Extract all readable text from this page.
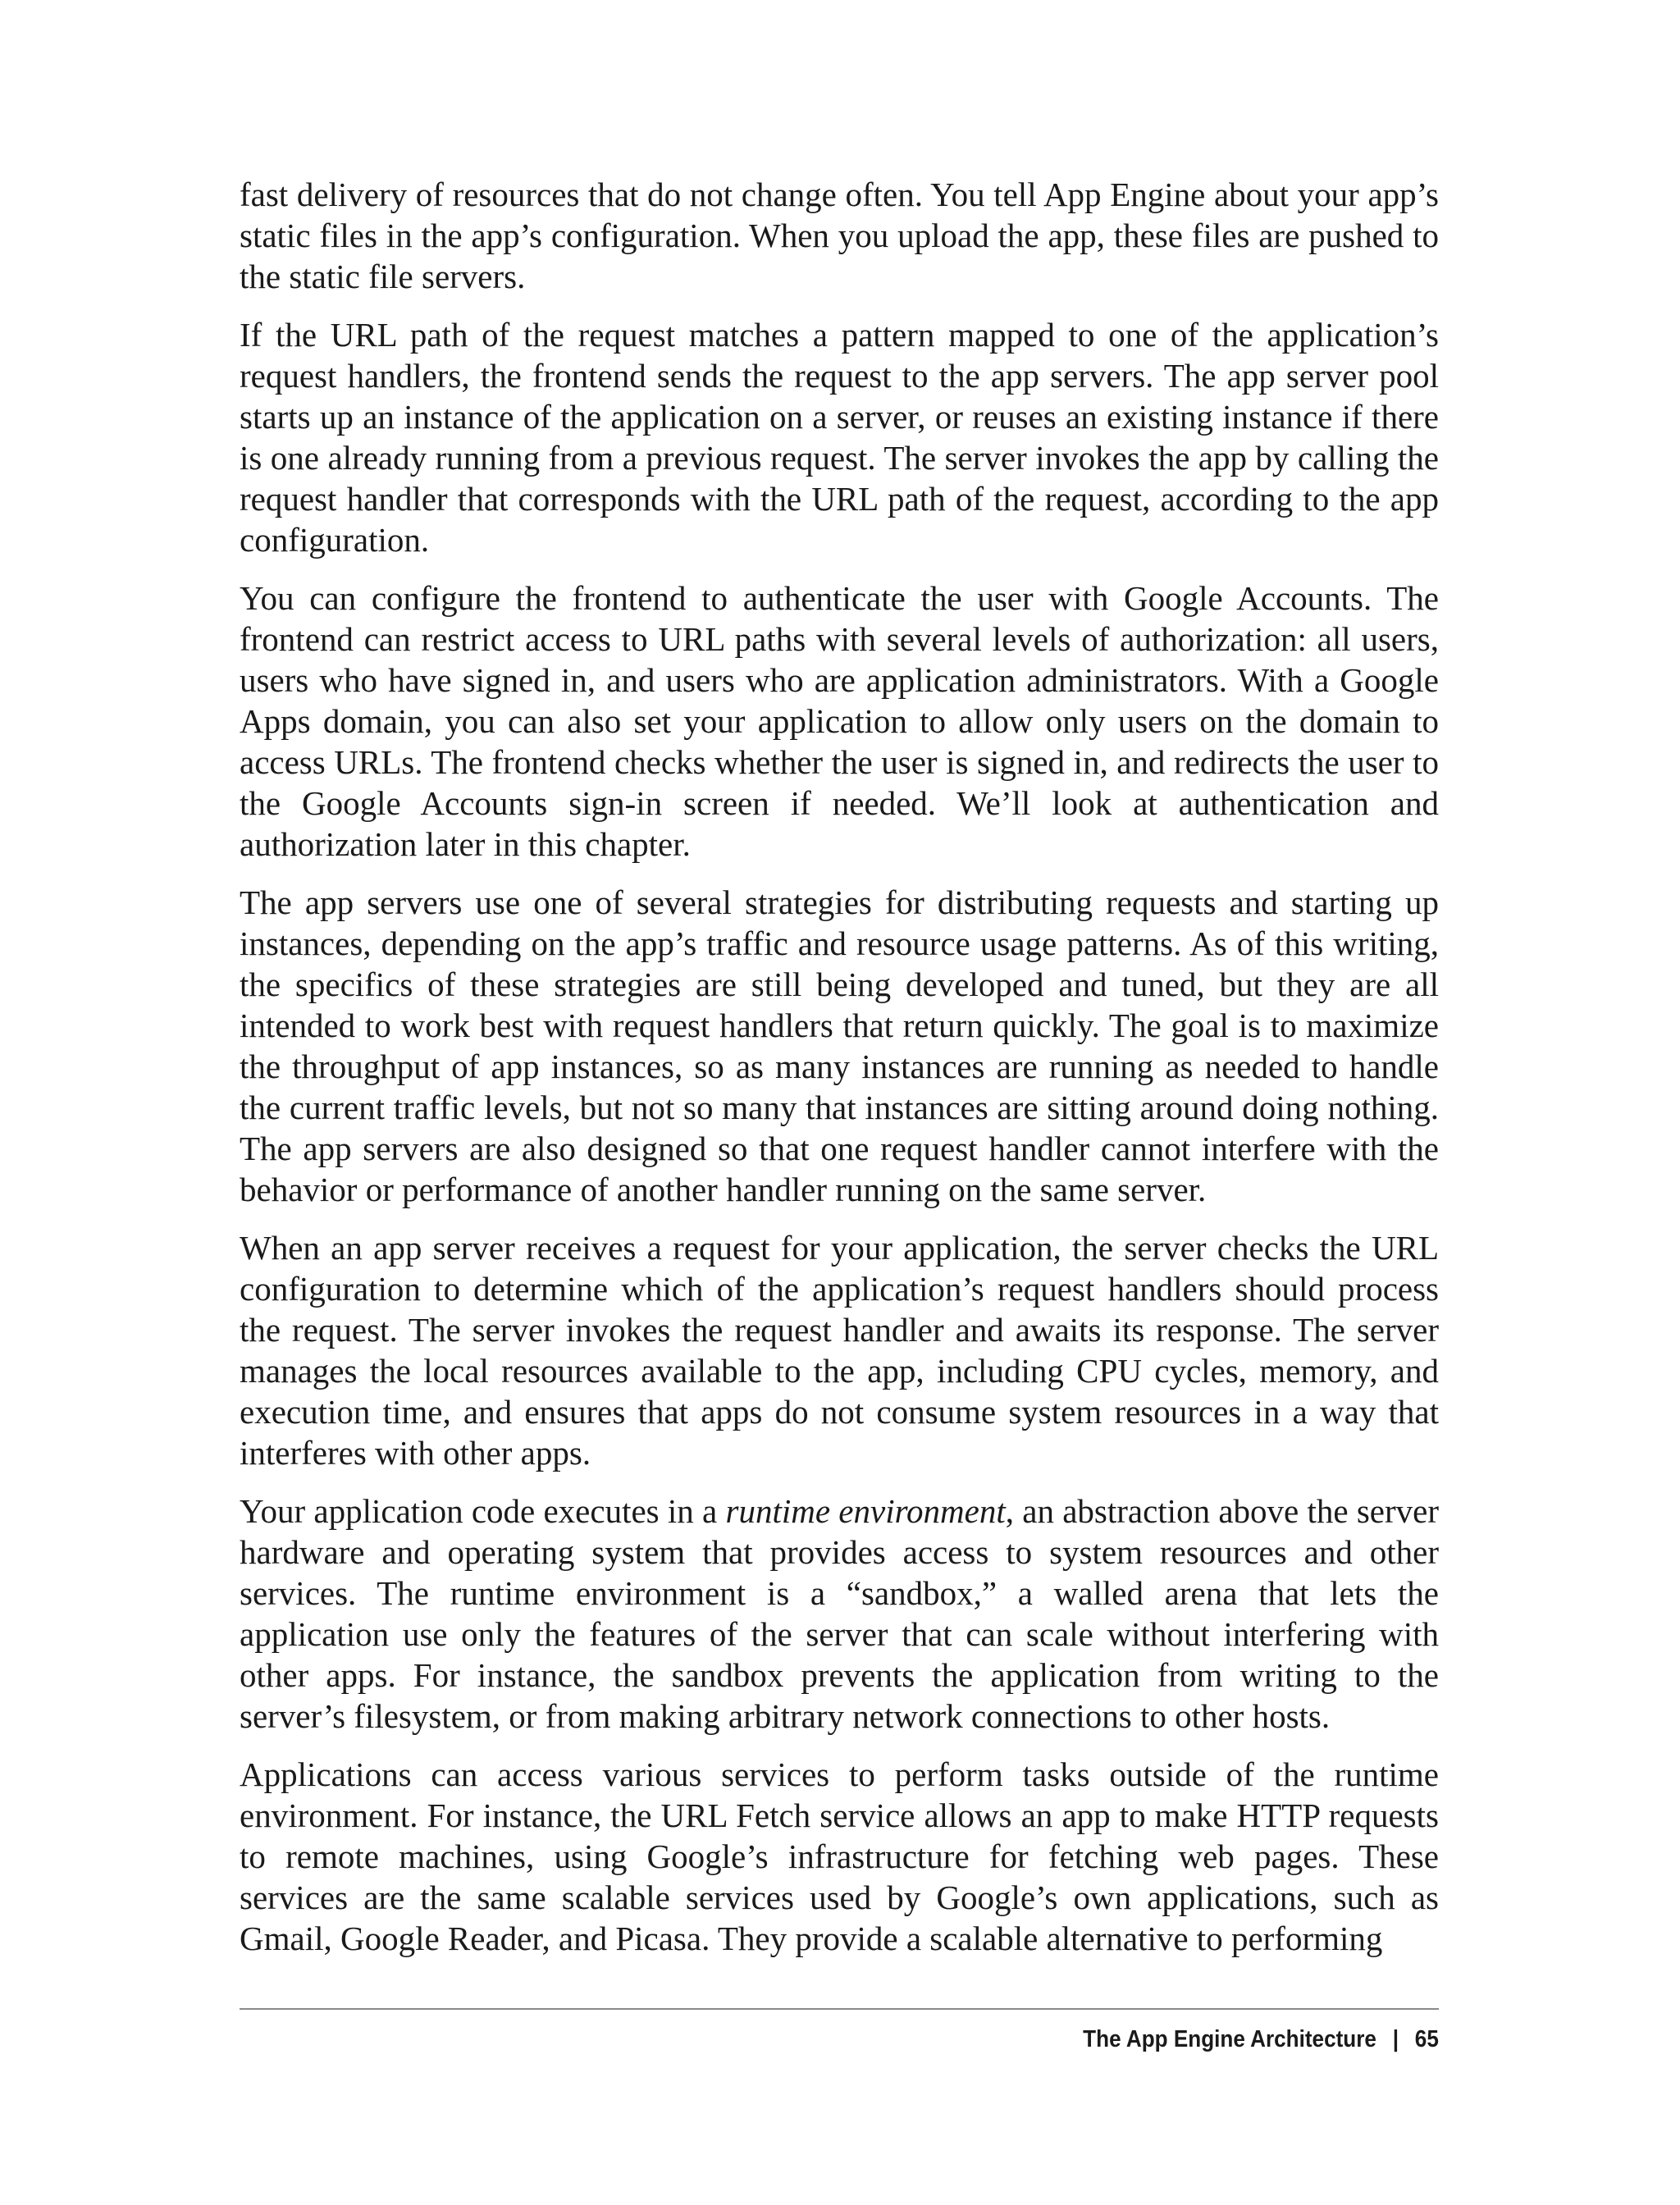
fast delivery of resources that do not change often. You tell App Engine about your app’s static files in the app’s configuration. When you upload the app, these files are pushed to the static file servers.

If the URL path of the request matches a pattern mapped to one of the application’s request handlers, the frontend sends the request to the app servers. The app server pool starts up an instance of the application on a server, or reuses an existing instance if there is one already running from a previous request. The server invokes the app by calling the request handler that corresponds with the URL path of the request, according to the app configuration.

You can configure the frontend to authenticate the user with Google Accounts. The frontend can restrict access to URL paths with several levels of authorization: all users, users who have signed in, and users who are application administrators. With a Google Apps domain, you can also set your application to allow only users on the domain to access URLs. The frontend checks whether the user is signed in, and redirects the user to the Google Accounts sign-in screen if needed. We’ll look at authentication and authorization later in this chapter.

The app servers use one of several strategies for distributing requests and starting up instances, depending on the app’s traffic and resource usage patterns. As of this writing, the specifics of these strategies are still being developed and tuned, but they are all intended to work best with request handlers that return quickly. The goal is to maximize the throughput of app instances, so as many instances are running as needed to handle the current traffic levels, but not so many that instances are sitting around doing nothing. The app servers are also designed so that one request handler cannot interfere with the behavior or performance of another handler running on the same server.

When an app server receives a request for your application, the server checks the URL configuration to determine which of the application’s request handlers should process the request. The server invokes the request handler and awaits its response. The server manages the local resources available to the app, including CPU cycles, memory, and execution time, and ensures that apps do not consume system resources in a way that interferes with other apps.

Your application code executes in a runtime environment, an abstraction above the server hardware and operating system that provides access to system resources and other services. The runtime environment is a “sandbox,” a walled arena that lets the application use only the features of the server that can scale without interfering with other apps. For instance, the sandbox prevents the application from writing to the server’s filesystem, or from making arbitrary network connections to other hosts.

Applications can access various services to perform tasks outside of the runtime environment. For instance, the URL Fetch service allows an app to make HTTP requests to remote machines, using Google’s infrastructure for fetching web pages. These services are the same scalable services used by Google’s own applications, such as Gmail, Google Reader, and Picasa. They provide a scalable alternative to performing

The App Engine Architecture | 65
